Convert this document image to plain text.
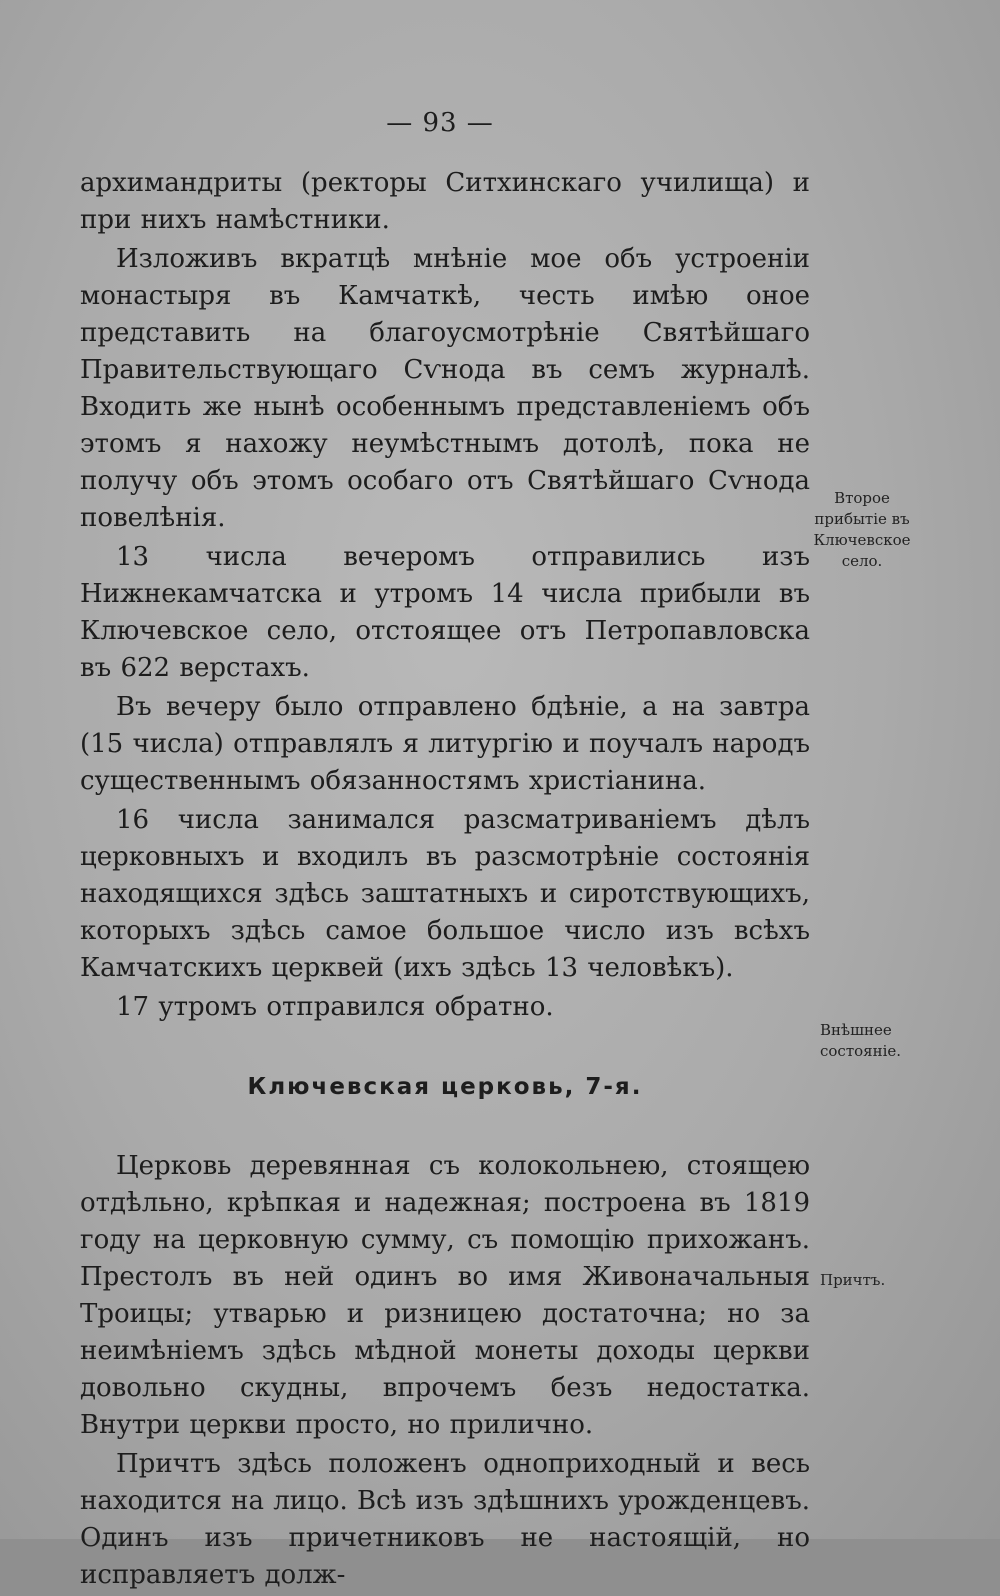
— 93 —

архимандриты (ректоры Ситхинскаго училища) и при нихъ намѣстники.

Изложивъ вкратцѣ мнѣніе мое объ устроеніи монастыря въ Камчаткѣ, честь имѣю оное представить на благоусмотрѣніе Святѣйшаго Правительствующаго Сѵнода въ семъ журналѣ. Входить же нынѣ особеннымъ представленіемъ объ этомъ я нахожу неумѣстнымъ дотолѣ, пока не получу объ этомъ особаго отъ Святѣйшаго Сѵнода повелѣнія.

13 числа вечеромъ отправились изъ Нижнекамчатска и утромъ 14 числа прибыли въ Ключевское село, отстоящее отъ Петропавловска въ 622 верстахъ.

Въ вечеру было отправлено бдѣніе, а на завтра (15 числа) отправлялъ я литургію и поучалъ народъ существеннымъ обязанностямъ христіанина.

16 числа занимался разсматриваніемъ дѣлъ церковныхъ и входилъ въ разсмотрѣніе состоянія находящихся здѣсь заштатныхъ и сиротствующихъ, которыхъ здѣсь самое большое число изъ всѣхъ Камчатскихъ церквей (ихъ здѣсь 13 человѣкъ).

17 утромъ отправился обратно.

Ключевская церковь, 7-я.

Церковь деревянная съ колокольнею, стоящею отдѣльно, крѣпкая и надежная; построена въ 1819 году на церковную сумму, съ помощію прихожанъ. Престолъ въ ней одинъ во имя Живоначальныя Троицы; утварью и ризницею достаточна; но за неимѣніемъ здѣсь мѣдной монеты доходы церкви довольно скудны, впрочемъ безъ недостатка. Внутри церкви просто, но прилично.

Причтъ здѣсь положенъ одноприходный и весь находится на лицо. Всѣ изъ здѣшнихъ урожденцевъ. Одинъ изъ причетниковъ не настоящій, но исправляетъ долж-

Второе прибытіе въ Ключевское село.
Внѣшнее состояніе.
Причтъ.
